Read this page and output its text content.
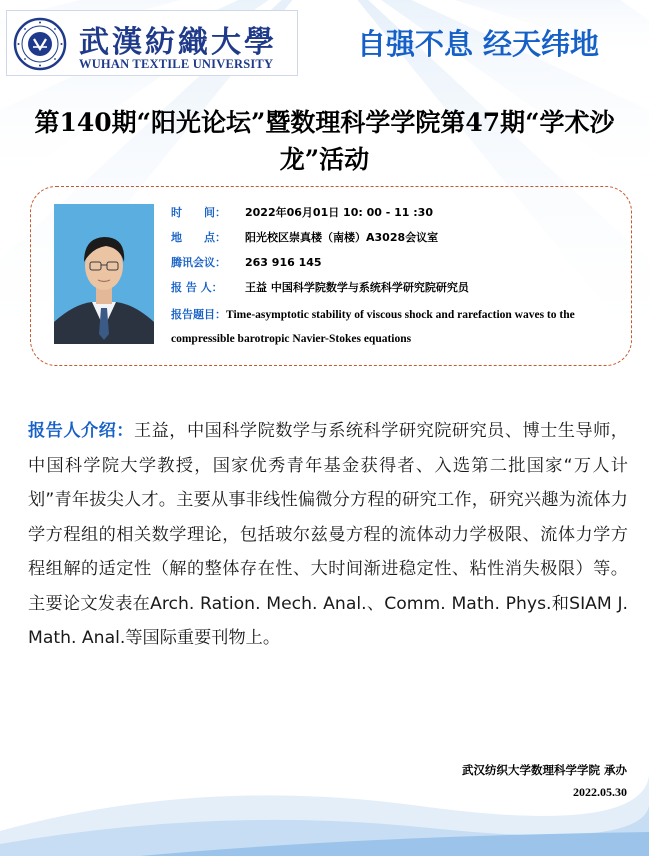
武漢紡織大學
WUHAN TEXTILE UNIVERSITY
自强不息 经天纬地
第140期“阳光论坛”暨数理科学学院第47期“学术沙龙”活动
时　　间： 2022年06月01日 10: 00 - 11 :30
地　　点： 阳光校区崇真楼（南楼）A3028会议室
腾讯会议： 263 916 145
报 告 人： 王益 中国科学院数学与系统科学研究院研究员
报告题目：Time-asymptotic stability of viscous shock and rarefaction waves to the compressible barotropic Navier-Stokes equations
报告人介绍：王益，中国科学院数学与系统科学研究院研究员、博士生导师，中国科学院大学教授，国家优秀青年基金获得者、入选第二批国家“万人计划”青年拔尖人才。主要从事非线性偏微分方程的研究工作，研究兴趣为流体力学方程组的相关数学理论，包括玻尔兹曼方程的流体动力学极限、流体力学方程组解的适定性（解的整体存在性、大时间渐进稳定性、粘性消失极限）等。主要论文发表在Arch. Ration. Mech. Anal.、Comm. Math. Phys.和SIAM J. Math. Anal.等国际重要刊物上。
武汉纺织大学数理科学学院 承办
2022.05.30
